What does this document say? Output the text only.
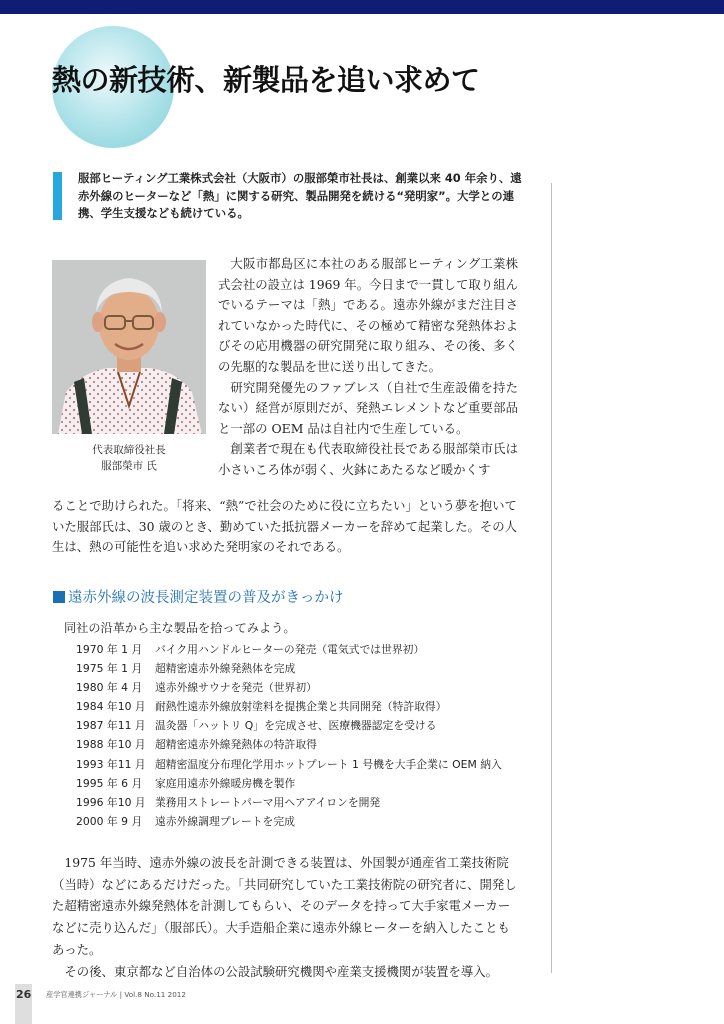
熱の新技術、新製品を追い求めて

服部ヒーティング工業株式会社（大阪市）の服部榮市社長は、創業以来 40 年余り、遠赤外線のヒーターなど「熱」に関する研究、製品開発を続ける“発明家”。大学との連携、学生支援なども続けている。

代表取締役社長
服部榮市 氏

大阪市都島区に本社のある服部ヒーティング工業株式会社の設立は 1969 年。今日まで一貫して取り組んでいるテーマは「熱」である。遠赤外線がまだ注目されていなかった時代に、その極めて精密な発熱体およびその応用機器の研究開発に取り組み、その後、多くの先駆的な製品を世に送り出してきた。

研究開発優先のファブレス（自社で生産設備を持たない）経営が原則だが、発熱エレメントなど重要部品と一部の OEM 品は自社内で生産している。

創業者で現在も代表取締役社長である服部榮市氏は小さいころ体が弱く、火鉢にあたるなど暖かくす

ることで助けられた。「将来、“熱”で社会のために役に立ちたい」という夢を抱いていた服部氏は、30 歳のとき、勤めていた抵抗器メーカーを辞めて起業した。その人生は、熱の可能性を追い求めた発明家のそれである。

遠赤外線の波長測定装置の普及がきっかけ

同社の沿革から主な製品を拾ってみよう。

1970 年 1 月 バイク用ハンドルヒーターの発売（電気式では世界初）
1975 年 1 月 超精密遠赤外線発熱体を完成
1980 年 4 月 遠赤外線サウナを発売（世界初）
1984 年10 月 耐熱性遠赤外線放射塗料を提携企業と共同開発（特許取得）
1987 年11 月 温灸器「ハットリ Q」を完成させ、医療機器認定を受ける
1988 年10 月 超精密遠赤外線発熱体の特許取得
1993 年11 月 超精密温度分布理化学用ホットプレート 1 号機を大手企業に OEM 納入
1995 年 6 月 家庭用遠赤外線暖房機を製作
1996 年10 月 業務用ストレートパーマ用ヘアアイロンを開発
2000 年 9 月 遠赤外線調理プレートを完成

1975 年当時、遠赤外線の波長を計測できる装置は、外国製が通産省工業技術院（当時）などにあるだけだった。「共同研究していた工業技術院の研究者に、開発した超精密遠赤外線発熱体を計測してもらい、そのデータを持って大手家電メーカーなどに売り込んだ」（服部氏）。大手造船企業に遠赤外線ヒーターを納入したこともあった。

その後、東京都など自治体の公設試験研究機関や産業支援機関が装置を導入。

26 産学官連携ジャーナル | Vol.8 No.11 2012
